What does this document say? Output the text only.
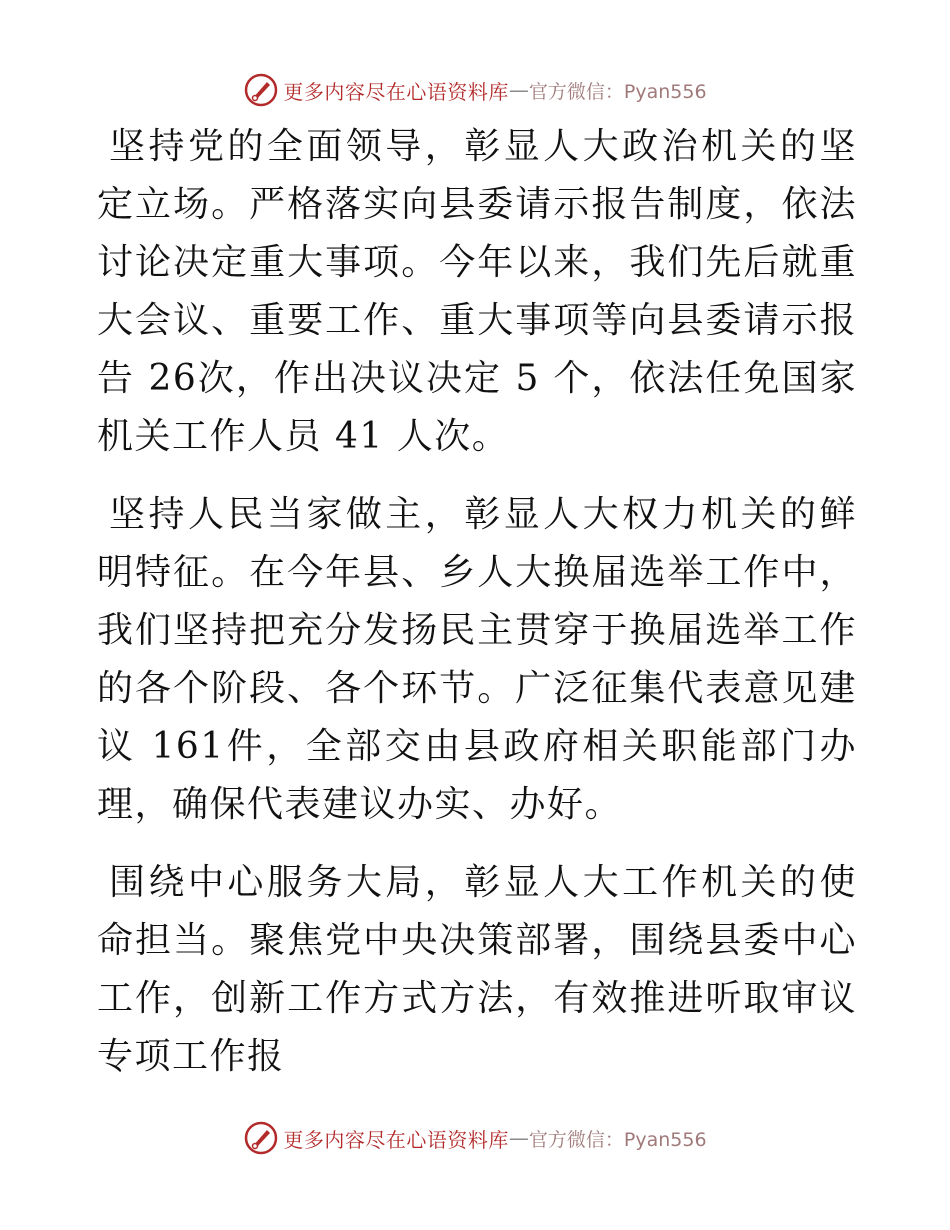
更多内容尽在心语资料库 — 官方微信：Pyan556

坚持党的全面领导，彰显人大政治机关的坚定立场。严格落实向县委请示报告制度，依法讨论决定重大事项。今年以来，我们先后就重大会议、重要工作、重大事项等向县委请示报告 26次，作出决议决定 5 个，依法任免国家机关工作人员 41 人次。

坚持人民当家做主，彰显人大权力机关的鲜明特征。在今年县、乡人大换届选举工作中，我们坚持把充分发扬民主贯穿于换届选举工作的各个阶段、各个环节。广泛征集代表意见建议 161件，全部交由县政府相关职能部门办理，确保代表建议办实、办好。

围绕中心服务大局，彰显人大工作机关的使命担当。聚焦党中央决策部署，围绕县委中心工作，创新工作方式方法，有效推进听取审议专项工作报

更多内容尽在心语资料库 — 官方微信：Pyan556
